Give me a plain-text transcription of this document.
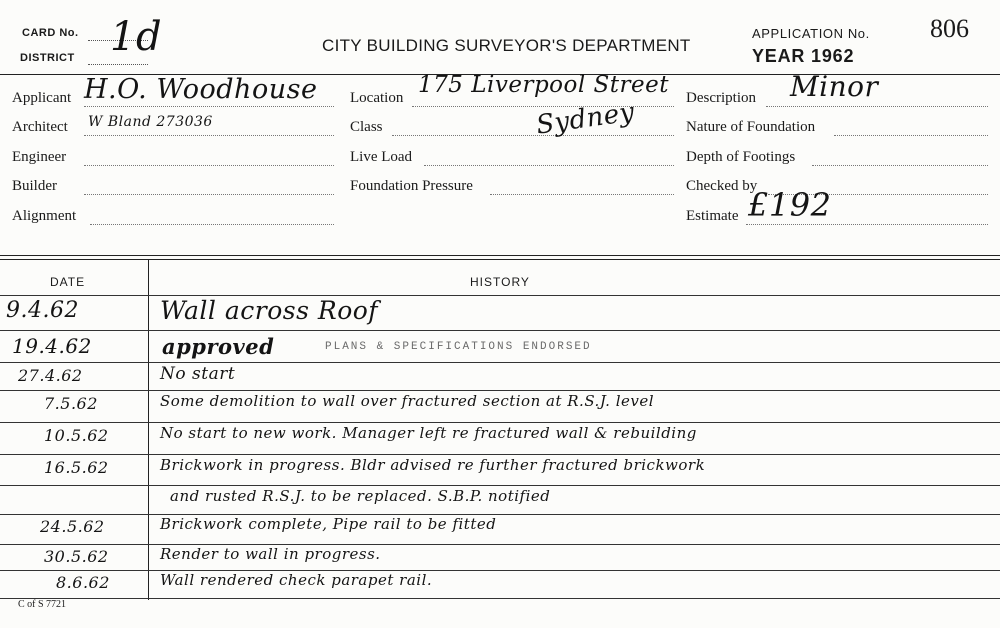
CARD No.
DISTRICT 1d	CITY BUILDING SURVEYOR'S DEPARTMENT
APPLICATION No.
YEAR 1962
806
Applicant H.O. Woodhouse
Architect W Bland 273036
Engineer
Builder
Alignment
Location 175 Liverpool Street
Class	Sydney
Live Load
Foundation Pressure
Description Minor
Nature of Foundation
Depth of Footings
Checked by
Estimate £192
DATE	HISTORY
9.4.62	Wall across Roof
19.4.62	approved	PLANS & SPECIFICATIONS ENDORSED
27.4.62	No start
7.5.62	Some demolition to wall over fractured section at R.S.J. level
10.5.62	No start to new work. Manager left re fractured wall & rebuilding
16.5.62	Brickwork in progress. Bldr advised re further fractured brickwork
and rusted R.S.J. to be replaced. S.B.P. notified
24.5.62	Brickwork complete, Pipe rail to be fitted
30.5.62	Render to wall in progress.
8.6.62	Wall rendered check parapet rail.
C of S 7721
